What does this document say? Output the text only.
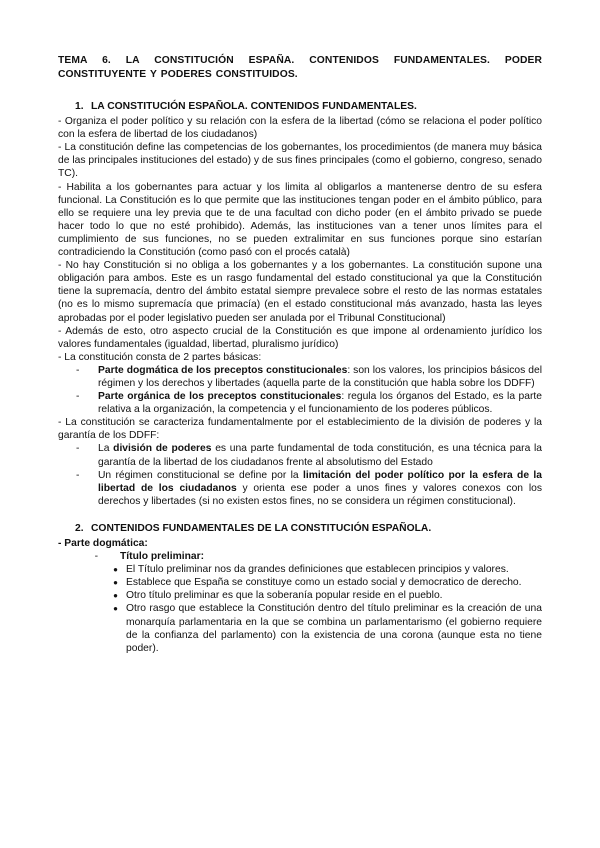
TEMA 6. LA CONSTITUCIÓN ESPAÑA. CONTENIDOS FUNDAMENTALES. PODER CONSTITUYENTE Y PODERES CONSTITUIDOS.
1. LA CONSTITUCIÓN ESPAÑOLA. CONTENIDOS FUNDAMENTALES.

- Organiza el poder político y su relación con la esfera de la libertad (cómo se relaciona el poder político con la esfera de libertad de los ciudadanos)

- La constitución define las competencias de los gobernantes, los procedimientos (de manera muy básica de las principales instituciones del estado) y de sus fines principales (como el gobierno, congreso, senado TC).

- Habilita a los gobernantes para actuar y los limita al obligarlos a mantenerse dentro de su esfera funcional. La Constitución es lo que permite que las instituciones tengan poder en el ámbito público, para ello se requiere una ley previa que te de una facultad con dicho poder (en el ámbito privado se puede hacer todo lo que no esté prohibido). Además, las instituciones van a tener unos límites para el cumplimiento de sus funciones, no se pueden extralimitar en sus funciones porque sino estarían contradiciendo la Constitución (como pasó con el procés català)

- No hay Constitución si no obliga a los gobernantes y a los gobernantes. La constitución supone una obligación para ambos. Este es un rasgo fundamental del estado constitucional ya que la Constitución tiene la supremacía, dentro del ámbito estatal siempre prevalece sobre el resto de las normas estatales (no es lo mismo supremacía que primacía) (en el estado constitucional más avanzado, hasta las leyes aprobadas por el poder legislativo pueden ser anulada por el Tribunal Constitucional)

- Además de esto, otro aspecto crucial de la Constitución es que impone al ordenamiento jurídico los valores fundamentales (igualdad, libertad, pluralismo jurídico)

- La constitución consta de 2 partes básicas:

-	Parte dogmática de los preceptos constitucionales: son los valores, los principios básicos del régimen y los derechos y libertades (aquella parte de la constitución que habla sobre los DDFF)
-	Parte orgánica de los preceptos constitucionales: regula los órganos del Estado, es la parte relativa a la organización, la competencia y el funcionamiento de los poderes públicos.

- La constitución se caracteriza fundamentalmente por el establecimiento de la división de poderes y la garantía de los DDFF:

-	La división de poderes es una parte fundamental de toda constitución, es una técnica para la garantía de la libertad de los ciudadanos frente al absolutismo del Estado
-	Un régimen constitucional se define por la limitación del poder político por la esfera de la libertad de los ciudadanos y orienta ese poder a unos fines y valores conexos con los derechos y libertades (si no existen estos fines, no se considera un régimen constitucional).
2. CONTENIDOS FUNDAMENTALES DE LA CONSTITUCIÓN ESPAÑOLA.

- Parte dogmática:

-	Título preliminar:
● El Título preliminar nos da grandes definiciones que establecen principios y valores.
● Establece que España se constituye como un estado social y democratico de derecho.
● Otro título preliminar es que la soberanía popular reside en el pueblo.
● Otro rasgo que establece la Constitución dentro del título preliminar es la creación de una monarquía parlamentaria en la que se combina un parlamentarismo (el gobierno requiere de la confianza del parlamento) con la existencia de una corona (aunque esta no tiene poder).
